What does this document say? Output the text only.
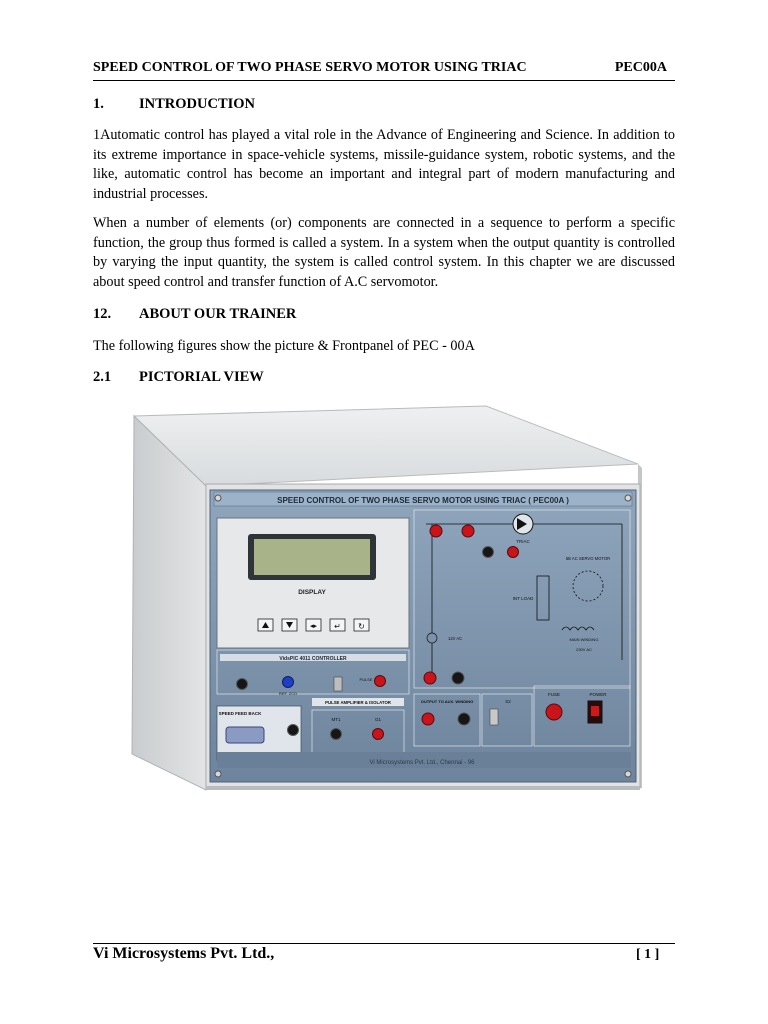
SPEED CONTROL OF TWO PHASE SERVO MOTOR USING TRIAC	PEC00A
1. INTRODUCTION
1Automatic control has played a vital role in the Advance of Engineering and Science. In addition to its extreme importance in space-vehicle systems, missile-guidance system, robotic systems, and the like, automatic control has become an important and integral part of modern manufacturing and industrial processes.
When a number of elements (or) components are connected in a sequence to perform a specific function, the group thus formed is called a system. In a system when the output quantity is controlled by varying the input quantity, the system is called control system. In this chapter we are discussed about speed control and transfer function of A.C servomotor.
12. ABOUT OUR TRAINER
The following figures show the picture & Frontpanel of PEC - 00A
2.1 PICTORIAL VIEW
SPEED CONTROL OF TWO PHASE SERVO MOTOR USING TRIAC ( PEC00A )
DISPLAY
◂▸ ↵ ↻
VidsPIC 4011 CONTROLLER
REF. ZCD
PULSE
SPEED FEED BACK
PULSE AMPLIFIER & ISOLATOR
MT1	G1
TRIAC
INT LOAD
5B AC SERVO MOTOR
MAIN WINDING
230V AC
12V AC
OUTPUT TO AUX. WINDING	S2
FUSE	POWER
Vi Microsystems Pvt. Ltd., Chennai - 96
Vi Microsystems Pvt. Ltd.,	[ 1 ]
